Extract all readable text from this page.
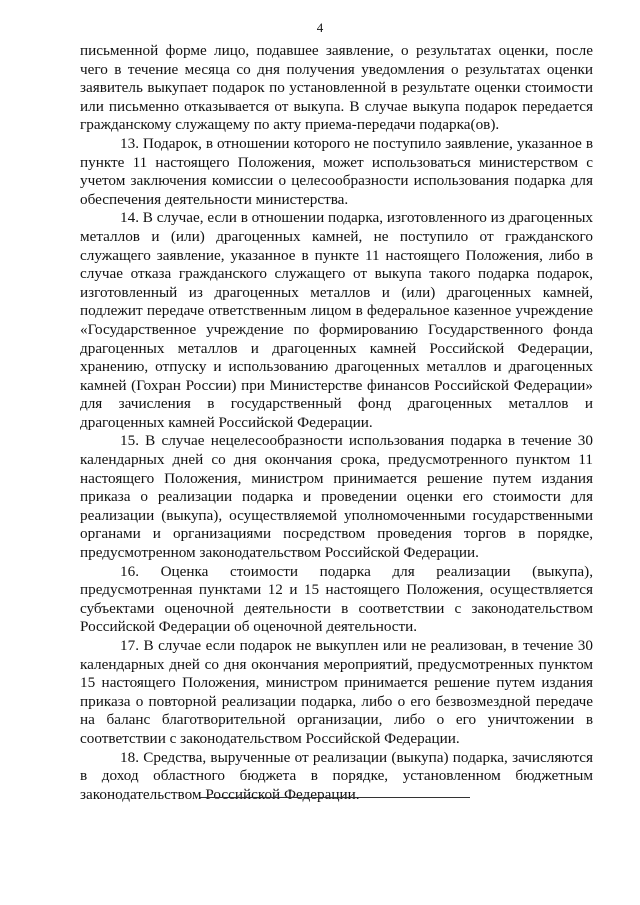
4

письменной форме лицо, подавшее заявление, о результатах оценки, после чего в течение месяца со дня получения уведомления о результатах оценки заявитель выкупает подарок по установленной в результате оценки стоимости или письменно отказывается от выкупа. В случае выкупа подарок передается гражданскому служащему по акту приема-передачи подарка(ов).

13. Подарок, в отношении которого не поступило заявление, указанное в пункте 11 настоящего Положения, может использоваться министерством с учетом заключения комиссии о целесообразности использования подарка для обеспечения деятельности министерства.

14. В случае, если в отношении подарка, изготовленного из драгоценных металлов и (или) драгоценных камней, не поступило от гражданского служащего заявление, указанное в пункте 11 настоящего Положения, либо в случае отказа гражданского служащего от выкупа такого подарка подарок, изготовленный из драгоценных металлов и (или) драгоценных камней, подлежит передаче ответственным лицом в федеральное казенное учреждение «Государственное учреждение по формированию Государственного фонда драгоценных металлов и драгоценных камней Российской Федерации, хранению, отпуску и использованию драгоценных металлов и драгоценных камней (Гохран России) при Министерстве финансов Российской Федерации» для зачисления в государственный фонд драгоценных металлов и драгоценных камней Российской Федерации.

15. В случае нецелесообразности использования подарка в течение 30 календарных дней со дня окончания срока, предусмотренного пунктом 11 настоящего Положения, министром принимается решение путем издания приказа о реализации подарка и проведении оценки его стоимости для реализации (выкупа), осуществляемой уполномоченными государственными органами и организациями посредством проведения торгов в порядке, предусмотренном законодательством Российской Федерации.

16. Оценка стоимости подарка для реализации (выкупа), предусмотренная пунктами 12 и 15 настоящего Положения, осуществляется субъектами оценочной деятельности в соответствии с законодательством Российской Федерации об оценочной деятельности.

17. В случае если подарок не выкуплен или не реализован, в течение 30 календарных дней со дня окончания мероприятий, предусмотренных пунктом 15 настоящего Положения, министром принимается решение путем издания приказа о повторной реализации подарка, либо о его безвозмездной передаче на баланс благотворительной организации, либо о его уничтожении в соответствии с законодательством Российской Федерации.

18. Средства, вырученные от реализации (выкупа) подарка, зачисляются в доход областного бюджета в порядке, установленном бюджетным законодательством Российской Федерации.
